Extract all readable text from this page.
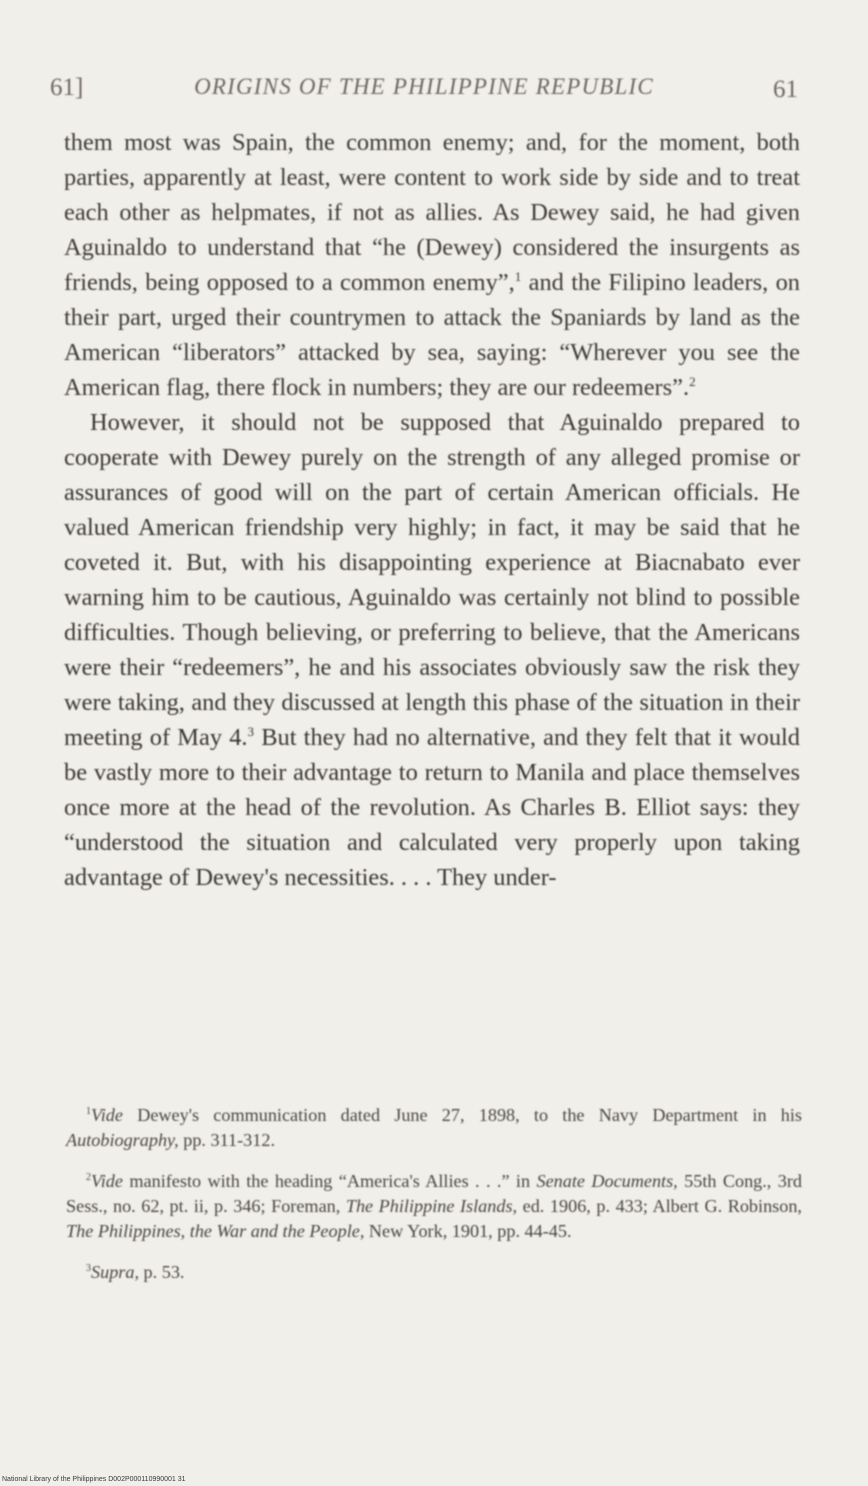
61]	ORIGINS OF THE PHILIPPINE REPUBLIC	61

them most was Spain, the common enemy; and, for the moment, both parties, apparently at least, were content to work side by side and to treat each other as helpmates, if not as allies. As Dewey said, he had given Aguinaldo to understand that “he (Dewey) considered the insurgents as friends, being opposed to a common enemy”,$^1$ and the Filipino leaders, on their part, urged their countrymen to attack the Spaniards by land as the American “liberators” attacked by sea, saying: “Wherever you see the American flag, there flock in numbers; they are our redeemers”.$^2$

However, it should not be supposed that Aguinaldo prepared to cooperate with Dewey purely on the strength of any alleged promise or assurances of good will on the part of certain American officials. He valued American friendship very highly; in fact, it may be said that he coveted it. But, with his disappointing experience at Biacnabato ever warning him to be cautious, Aguinaldo was certainly not blind to possible difficulties. Though believing, or preferring to believe, that the Americans were their “redeemers”, he and his associates obviously saw the risk they were taking, and they discussed at length this phase of the situation in their meeting of May 4.$^3$ But they had no alternative, and they felt that it would be vastly more to their advantage to return to Manila and place themselves once more at the head of the revolution. As Charles B. Elliot says: they “understood the situation and calculated very properly upon taking advantage of Dewey's necessities. . . . They under-

$^1$Vide Dewey's communication dated June 27, 1898, to the Navy Department in his Autobiography, pp. 311-312.

$^2$Vide manifesto with the heading “America's Allies . . .” in Senate Documents, 55th Cong., 3rd Sess., no. 62, pt. ii, p. 346; Foreman, The Philippine Islands, ed. 1906, p. 433; Albert G. Robinson, The Philippines, the War and the People, New York, 1901, pp. 44-45.

$^3$Supra, p. 53.

National Library of the Philippines D002P000110990001 31
